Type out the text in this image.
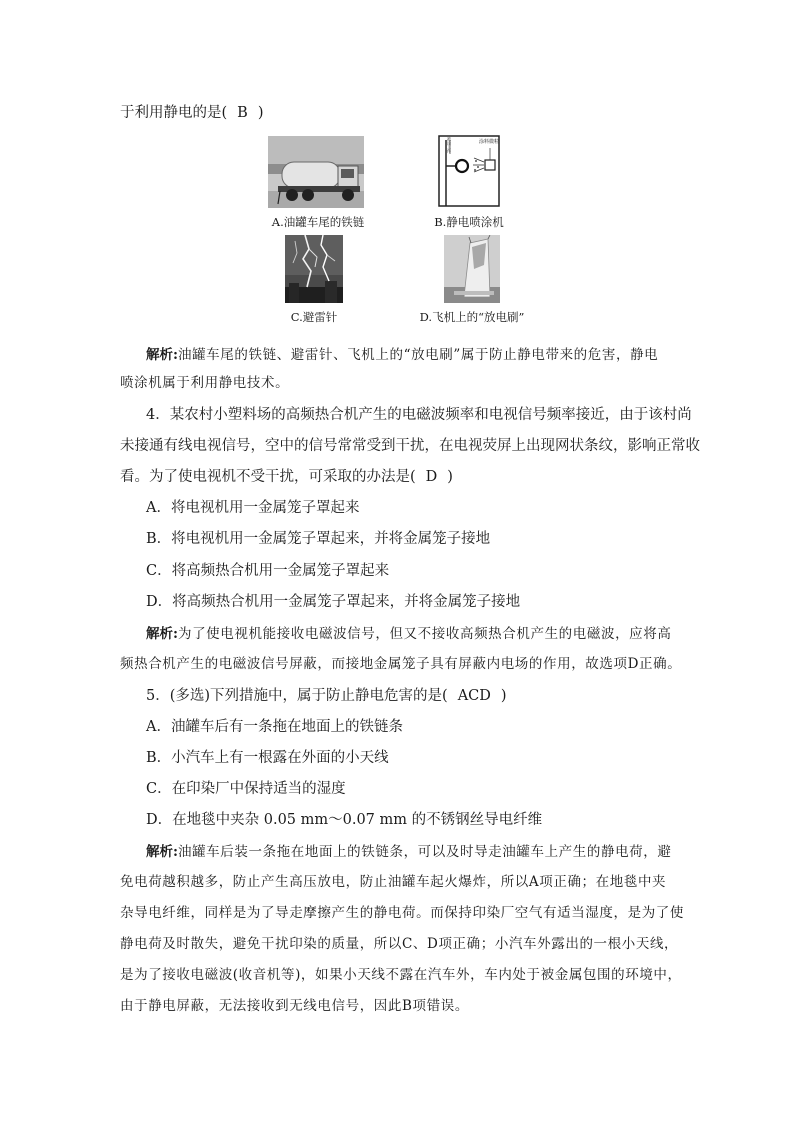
于利用静电的是( B )
A.油罐车尾的铁链
被涂工件	涂料微粒
B.静电喷涂机
C.避雷针	D.飞机上的“放电刷”
解析:油罐车尾的铁链、避雷针、飞机上的“放电刷”属于防止静电带来的危害，静电
喷涂机属于利用静电技术。
4．某农村小塑料场的高频热合机产生的电磁波频率和电视信号频率接近，由于该村尚
未接通有线电视信号，空中的信号常常受到干扰，在电视荧屏上出现网状条纹，影响正常收
看。为了使电视机不受干扰，可采取的办法是( D )
A．将电视机用一金属笼子罩起来
B．将电视机用一金属笼子罩起来，并将金属笼子接地
C．将高频热合机用一金属笼子罩起来
D．将高频热合机用一金属笼子罩起来，并将金属笼子接地
解析:为了使电视机能接收电磁波信号，但又不接收高频热合机产生的电磁波，应将高
频热合机产生的电磁波信号屏蔽，而接地金属笼子具有屏蔽内电场的作用，故选项D正确。
5．(多选)下列措施中，属于防止静电危害的是( ACD )
A．油罐车后有一条拖在地面上的铁链条
B．小汽车上有一根露在外面的小天线
C．在印染厂中保持适当的湿度
D．在地毯中夹杂 0.05 mm～0.07 mm 的不锈钢丝导电纤维
解析:油罐车后装一条拖在地面上的铁链条，可以及时导走油罐车上产生的静电荷，避
免电荷越积越多，防止产生高压放电，防止油罐车起火爆炸，所以A项正确；在地毯中夹
杂导电纤维，同样是为了导走摩擦产生的静电荷。而保持印染厂空气有适当湿度，是为了使
静电荷及时散失，避免干扰印染的质量，所以C、D项正确；小汽车外露出的一根小天线，
是为了接收电磁波(收音机等)，如果小天线不露在汽车外，车内处于被金属包围的环境中，
由于静电屏蔽，无法接收到无线电信号，因此B项错误。
